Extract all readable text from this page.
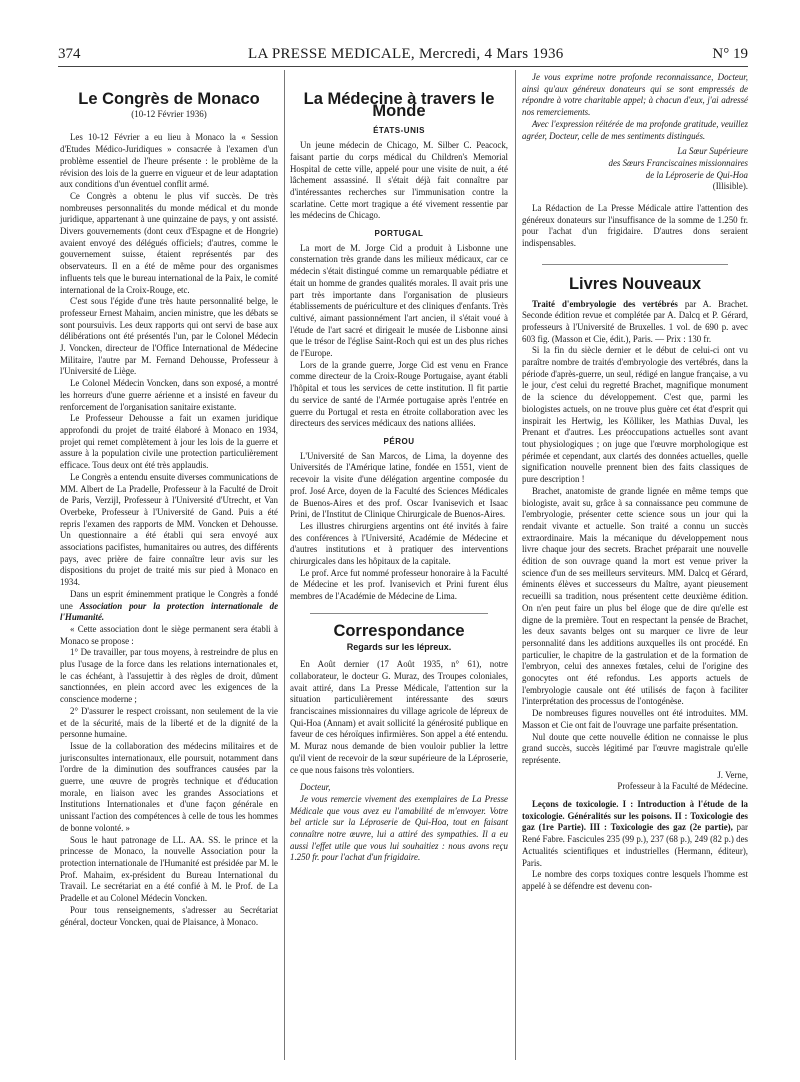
374	LA PRESSE MEDICALE, Mercredi, 4 Mars 1936	N° 19

Le Congrès de Monaco

(10-12 Février 1936)

Les 10-12 Février a eu lieu à Monaco la « Session d'Etudes Médico-Juridiques » consacrée à l'examen d'un problème essentiel de l'heure présente : le problème de la révision des lois de la guerre en vigueur et de leur adaptation aux conditions d'un éventuel conflit armé.

Ce Congrès a obtenu le plus vif succès. De très nombreuses personnalités du monde médical et du monde juridique, appartenant à une quinzaine de pays, y ont assisté. Divers gouvernements (dont ceux d'Espagne et de Hongrie) avaient envoyé des délégués officiels; d'autres, comme le gouvernement suisse, étaient représentés par des observateurs. Il en a été de même pour des organismes influents tels que le bureau international de la Paix, le comité international de la Croix-Rouge, etc.

C'est sous l'égide d'une très haute personnalité belge, le professeur Ernest Mahaim, ancien ministre, que les débats se sont poursuivis. Les deux rapports qui ont servi de base aux délibérations ont été présentés l'un, par le Colonel Médecin J. Voncken, directeur de l'Office International de Médecine Militaire, l'autre par M. Fernand Dehousse, Professeur à l'Université de Liège.

Le Colonel Médecin Voncken, dans son exposé, a montré les horreurs d'une guerre aérienne et a insisté en faveur du renforcement de l'organisation sanitaire existante.

Le Professeur Dehousse a fait un examen juridique approfondi du projet de traité élaboré à Monaco en 1934, projet qui remet complètement à jour les lois de la guerre et assure à la population civile une protection particulièrement efficace. Tous deux ont été très applaudis.

Le Congrès a entendu ensuite diverses communications de MM. Albert de La Pradelle, Professeur à la Faculté de Droit de Paris, Verzijl, Professeur à l'Université d'Utrecht, et Van Overbeke, Professeur à l'Université de Gand. Puis a été repris l'examen des rapports de MM. Voncken et Dehousse. Un questionnaire a été établi qui sera envoyé aux associations pacifistes, humanitaires ou autres, des différents pays, avec prière de faire connaître leur avis sur les dispositions du projet de traité mis sur pied à Monaco en 1934.

Dans un esprit éminemment pratique le Congrès a fondé une Association pour la protection internationale de l'Humanité.

« Cette association dont le siège permanent sera établi à Monaco se propose :

1° De travailler, par tous moyens, à restreindre de plus en plus l'usage de la force dans les relations internationales et, le cas échéant, à l'assujettir à des règles de droit, dûment sanctionnées, en plein accord avec les exigences de la conscience moderne ;

2° D'assurer le respect croissant, non seulement de la vie et de la sécurité, mais de la liberté et de la dignité de la personne humaine.

Issue de la collaboration des médecins militaires et de jurisconsultes internationaux, elle poursuit, notamment dans l'ordre de la diminution des souffrances causées par la guerre, une œuvre de progrès technique et d'éducation morale, en liaison avec les grandes Associations et Institutions Internationales et d'une façon générale en unissant l'action des compétences à celle de tous les hommes de bonne volonté. »

Sous le haut patronage de LL. AA. SS. le prince et la princesse de Monaco, la nouvelle Association pour la protection internationale de l'Humanité est présidée par M. le Prof. Mahaim, ex-président du Bureau International du Travail. Le secrétariat en a été confié à M. le Prof. de La Pradelle et au Colonel Médecin Voncken.

Pour tous renseignements, s'adresser au Secrétariat général, docteur Voncken, quai de Plaisance, à Monaco.

La Médecine à travers le Monde

ÉTATS-UNIS

Un jeune médecin de Chicago, M. Silber C. Peacock, faisant partie du corps médical du Children's Memorial Hospital de cette ville, appelé pour une visite de nuit, a été lâchement assassiné. Il s'était déjà fait connaître par d'intéressantes recherches sur l'immunisation contre la scarlatine. Cette mort tragique a été vivement ressentie par les médecins de Chicago.

PORTUGAL

La mort de M. Jorge Cid a produit à Lisbonne une consternation très grande dans les milieux médicaux, car ce médecin s'était distingué comme un remarquable pédiatre et était un homme de grandes qualités morales. Il avait pris une part très importante dans l'organisation de plusieurs établissements de puériculture et des cliniques d'enfants. Très cultivé, aimant passionnément l'art ancien, il s'était voué à l'étude de l'art sacré et dirigeait le musée de Lisbonne ainsi que le trésor de l'église Saint-Roch qui est un des plus riches de l'Europe.

Lors de la grande guerre, Jorge Cid est venu en France comme directeur de la Croix-Rouge Portugaise, ayant établi l'hôpital et tous les services de cette institution. Il fit partie du service de santé de l'Armée portugaise après l'entrée en guerre du Portugal et resta en étroite collaboration avec les directeurs des services médicaux des nations alliées.

PÉROU

L'Université de San Marcos, de Lima, la doyenne des Universités de l'Amérique latine, fondée en 1551, vient de recevoir la visite d'une délégation argentine composée du prof. José Arce, doyen de la Faculté des Sciences Médicales de Buenos-Aires et des prof. Oscar Ivanisevich et Isaac Prini, de l'Institut de Clinique Chirurgicale de Buenos-Aires.

Les illustres chirurgiens argentins ont été invités à faire des conférences à l'Université, Académie de Médecine et d'autres institutions et à pratiquer des interventions chirurgicales dans les hôpitaux de la capitale.

Le prof. Arce fut nommé professeur honoraire à la Faculté de Médecine et les prof. Ivanisevich et Prini furent élus membres de l'Académie de Médecine de Lima.

Correspondance

Regards sur les lépreux.

En Août dernier (17 Août 1935, n° 61), notre collaborateur, le docteur G. Muraz, des Troupes coloniales, avait attiré, dans La Presse Médicale, l'attention sur la situation particulièrement intéressante des sœurs franciscaines missionnaires du village agricole de lépreux de Qui-Hoa (Annam) et avait sollicité la générosité publique en faveur de ces héroïques infirmières. Son appel a été entendu. M. Muraz nous demande de bien vouloir publier la lettre qu'il vient de recevoir de la sœur supérieure de la Léproserie, ce que nous faisons très volontiers.

Docteur,

Je vous remercie vivement des exemplaires de La Presse Médicale que vous avez eu l'amabilité de m'envoyer. Votre bel article sur la Léproserie de Qui-Hoa, tout en faisant connaître notre œuvre, lui a attiré des sympathies. Il a eu aussi l'effet utile que vous lui souhaitiez : nous avons reçu 1.250 fr. pour l'achat d'un frigidaire.

Je vous exprime notre profonde reconnaissance, Docteur, ainsi qu'aux généreux donateurs qui se sont empressés de répondre à votre charitable appel; à chacun d'eux, j'ai adressé nos remerciements.

Avec l'expression réitérée de ma profonde gratitude, veuillez agréer, Docteur, celle de mes sentiments distingués.

La Sœur Supérieure

des Sœurs Franciscaines missionnaires

de la Léproserie de Qui-Hoa

(Illisible).

La Rédaction de La Presse Médicale attire l'attention des généreux donateurs sur l'insuffisance de la somme de 1.250 fr. pour l'achat d'un frigidaire. D'autres dons seraient indispensables.

Livres Nouveaux

Traité d'embryologie des vertébrés par A. Brachet. Seconde édition revue et complétée par A. Dalcq et P. Gérard, professeurs à l'Université de Bruxelles. 1 vol. de 690 p. avec 603 fig. (Masson et Cie, édit.), Paris. — Prix : 130 fr.

Si la fin du siècle dernier et le début de celui-ci ont vu paraître nombre de traités d'embryologie des vertébrés, dans la période d'après-guerre, un seul, rédigé en langue française, a vu le jour, c'est celui du regretté Brachet, magnifique monument de la science du développement. C'est que, parmi les biologistes actuels, on ne trouve plus guère cet état d'esprit qui inspirait les Hertwig, les Kölliker, les Mathias Duval, les Prenant et d'autres. Les préoccupations actuelles sont avant tout physiologiques ; on juge que l'œuvre morphologique est périmée et cependant, aux clartés des données actuelles, quelle signification nouvelle prennent bien des faits classiques de pure description !

Brachet, anatomiste de grande lignée en même temps que biologiste, avait su, grâce à sa connaissance peu commune de l'embryologie, présenter cette science sous un jour qui la rendait vivante et actuelle. Son traité a connu un succès extraordinaire. Mais la mécanique du développement nous livre chaque jour des secrets. Brachet préparait une nouvelle édition de son ouvrage quand la mort est venue priver la science d'un de ses meilleurs serviteurs. MM. Dalcq et Gérard, éminents élèves et successeurs du Maître, ayant pieusement recueilli sa tradition, nous présentent cette deuxième édition. On n'en peut faire un plus bel éloge que de dire qu'elle est digne de la première. Tout en respectant la pensée de Brachet, les deux savants belges ont su marquer ce livre de leur personnalité dans les additions auxquelles ils ont procédé. En particulier, le chapitre de la gastrulation et de la formation de l'embryon, celui des annexes fœtales, celui de l'origine des gonocytes ont été refondus. Les apports actuels de l'embryologie causale ont été utilisés de façon à faciliter l'interprétation des processus de l'ontogénèse.

De nombreuses figures nouvelles ont été introduites. MM. Masson et Cie ont fait de l'ouvrage une parfaite présentation.

Nul doute que cette nouvelle édition ne connaisse le plus grand succès, succès légitimé par l'œuvre magistrale qu'elle représente.

J. Verne,

Professeur à la Faculté de Médecine.

Leçons de toxicologie. I : Introduction à l'étude de la toxicologie. Généralités sur les poisons. II : Toxicologie des gaz (1re Partie). III : Toxicologie des gaz (2e partie), par René Fabre. Fascicules 235 (99 p.), 237 (68 p.), 249 (82 p.) des Actualités scientifiques et industrielles (Hermann, éditeur), Paris.

Le nombre des corps toxiques contre lesquels l'homme est appelé à se défendre est devenu con-
